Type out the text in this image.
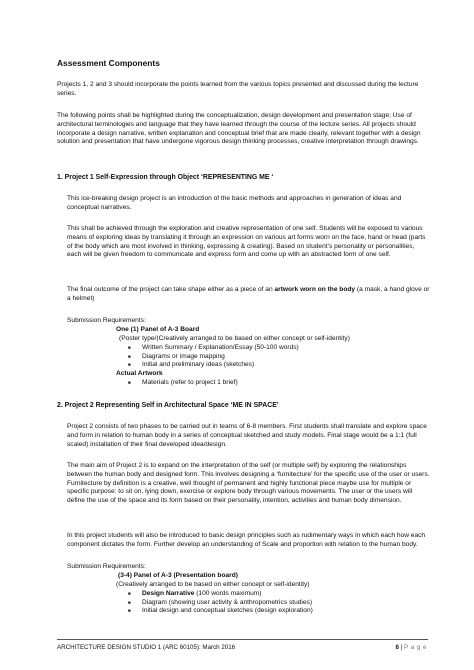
Assessment Components

Projects 1, 2 and 3 should incorporate the points learned from the various topics presented and discussed during the lecture series.

The following points shall be highlighted during the conceptualization, design development and presentation stage; Use of architectural terminologies and language that they have learned through the course of the lecture series. All projects should incorporate a design narrative, written explanation and conceptual brief that are made clearly, relevant together with a design solution and presentation that have undergone vigorous design thinking processes, creative interpretation through drawings.

1. Project 1 Self-Expression through Object ‘REPRESENTING ME ‘

This ice-breaking design project is an introduction of the basic methods and approaches in generation of ideas and conceptual narratives.

This shall be achieved through the exploration and creative representation of one self. Students will be exposed to various means of exploring ideas by translating it through an expression on various art forms worn on the face, hand or head (parts of the body which are most involved in thinking, expressing & creating). Based on student’s personality or personalities, each will be given freedom to communicate and express form and come up with an abstracted form of one self.

The final outcome of the project can take shape either as a piece of an artwork worn on the body (a mask, a hand glove or a helmet)

Submission Requirements:

One (1) Panel of A-3 Board

(Poster type/(Creatively arranged to be based on either concept or self-identity)

■ Written Summary / Explanation/Essay (50-100 words)
■ Diagrams or image mapping
■ Initial and preliminary ideas (sketches)

Actual Artwork

■ Materials (refer to project 1 brief)

2. Project 2 Representing Self in Architectural Space ‘ME IN SPACE’

Project 2 consists of two phases to be carried out in teams of 6-8 members. First students shall translate and explore space and form in relation to human body in a series of conceptual sketched and study models. Final stage would be a 1:1 (full scaled) installation of their final developed idea/design.

The main aim of Project 2 is to expand on the interpretation of the self (or multiple self) by exploring the relationships between the human body and designed form. This involves designing a ‘furnitecture’ for the specific use of the user or users. Furnitecture by definition is a creative, well thought of permanent and highly functional piece maybe use for multiple or specific purpose: to sit on, lying down, exercise or explore body through various movements. The user or the users will define the use of the space and its form based on their personality, intention, activities and human body dimension.

In this project students will also be introduced to basic design principles such as rudimentary ways in which each how each component dictates the form. Further develop an understanding of Scale and proportion with relation to the human body.

Submission Requirements:

(3-4) Panel of A-3 (Presentation board)

(Creatively arranged to be based on either concept or self-identity)

■ Design Narrative (100 words maximum)
■ Diagram (showing user activity & anthropometrics studies)
■ Initial design and conceptual sketches (design exploration)
ARCHITECTURE DESIGN STUDIO 1 (ARC 60105): March 2016	6 | P a g e
